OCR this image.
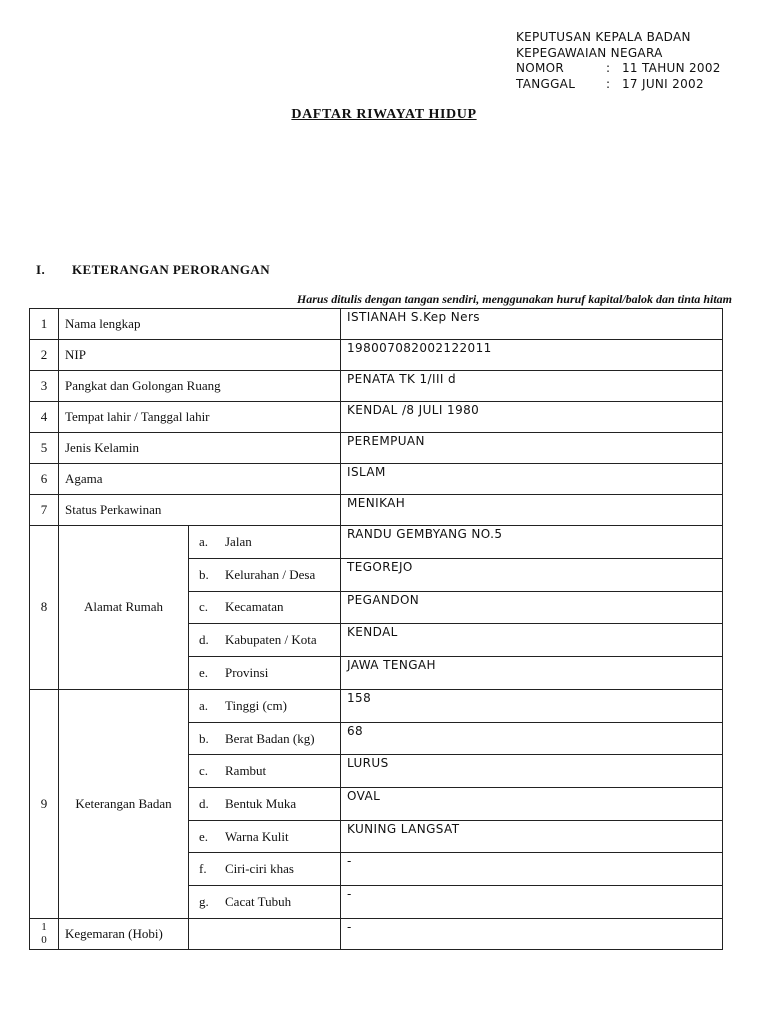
KEPUTUSAN KEPALA BADAN
KEPEGAWAIAN NEGARA
NOMOR	: 11 TAHUN 2002
TANGGAL	: 17 JUNI 2002
DAFTAR RIWAYAT HIDUP
I.	KETERANGAN PERORANGAN
Harus ditulis dengan tangan sendiri, menggunakan huruf kapital/balok dan tinta hitam
1	Nama lengkap		ISTIANAH S.Kep Ners
2	NIP		198007082002122011
3	Pangkat dan Golongan Ruang		PENATA TK 1/III d
4	Tempat lahir / Tanggal lahir		KENDAL /8 JULI 1980
5	Jenis Kelamin		PEREMPUAN
6	Agama		ISLAM
7	Status Perkawinan		MENIKAH
8	Alamat Rumah	a. Jalan	RANDU GEMBYANG NO.5
		b. Kelurahan / Desa	TEGOREJO
		c. Kecamatan	PEGANDON
		d. Kabupaten / Kota	KENDAL
		e. Provinsi	JAWA TENGAH
9	Keterangan Badan	a. Tinggi (cm)	158
		b. Berat Badan (kg)	68
		c. Rambut	LURUS
		d. Bentuk Muka	OVAL
		e. Warna Kulit	KUNING LANGSAT
		f. Ciri-ciri khas	-
		g. Cacat Tubuh	-

1
0	Kegemaran (Hobi)		-
